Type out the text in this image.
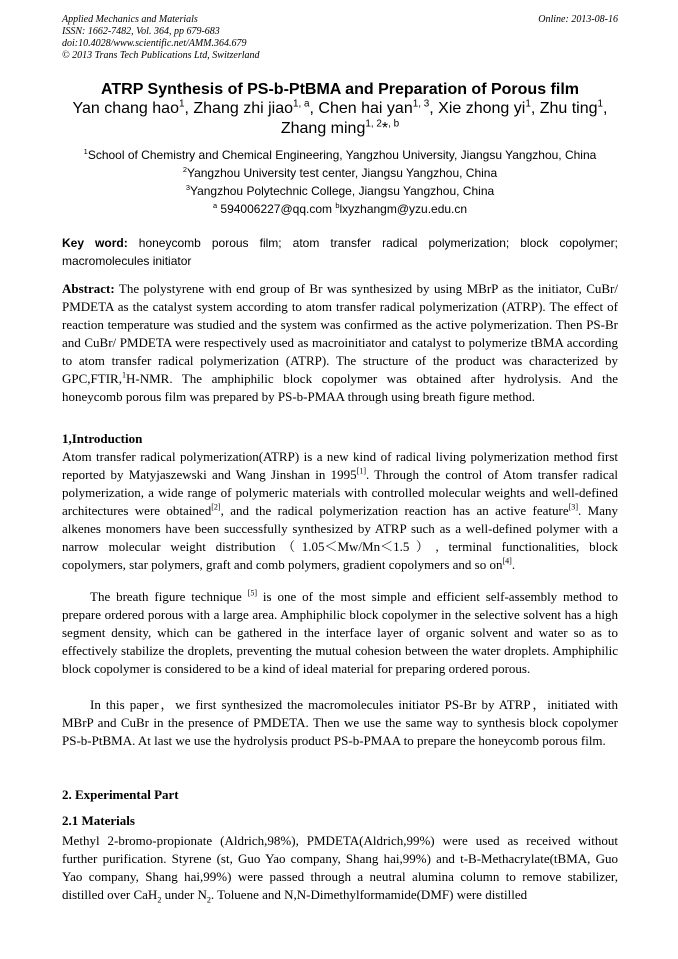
Applied Mechanics and Materials
ISSN: 1662-7482, Vol. 364, pp 679-683
doi:10.4028/www.scientific.net/AMM.364.679
© 2013 Trans Tech Publications Ltd, Switzerland
Online: 2013-08-16
ATRP Synthesis of PS-b-PtBMA and Preparation of Porous film
Yan chang hao$^1$, Zhang zhi jiao$^{1, a}$, Chen hai yan$^{1, 3}$, Xie zhong $yi^1$, Zhu ting$^1$,
Zhang ming$^{1, 2}$*$^{, b}$
$^1$School of Chemistry and Chemical Engineering, Yangzhou University, Jiangsu Yangzhou, China
$^2$Yangzhou University test center, Jiangsu Yangzhou, China
$^3$Yangzhou Polytechnic College, Jiangsu Yangzhou, China
$^a$ 594006227@qq.com $^b$lxyzhangm@yzu.edu.cn
Key word: honeycomb porous film; atom transfer radical polymerization; block copolymer; macromolecules initiator
Abstract: The polystyrene with end group of Br was synthesized by using MBrP as the initiator, CuBr/ PMDETA as the catalyst system according to atom transfer radical polymerization (ATRP). The effect of reaction temperature was studied and the system was confirmed as the active polymerization. Then PS-Br and CuBr/ PMDETA were respectively used as macroinitiator and catalyst to polymerize tBMA according to atom transfer radical polymerization (ATRP). The structure of the product was characterized by GPC,FTIR,$^1$H-NMR. The amphiphilic block copolymer was obtained after hydrolysis. And the honeycomb porous film was prepared by PS-b-PMAA through using breath figure method.
1,Introduction
Atom transfer radical polymerization(ATRP) is a new kind of radical living polymerization method first reported by Matyjaszewski and Wang Jinshan in 1995[1]. Through the control of Atom transfer radical polymerization, a wide range of polymeric materials with controlled molecular weights and well-defined architectures were obtained[2], and the radical polymerization reaction has an active feature[3]. Many alkenes monomers have been successfully synthesized by ATRP such as a well-defined polymer with a narrow molecular weight distribution（1.05＜Mw/Mn＜1.5）, terminal functionalities, block copolymers, star polymers, graft and comb polymers, gradient copolymers and so on[4].
The breath figure technique [5] is one of the most simple and efficient self-assembly method to prepare ordered porous with a large area. Amphiphilic block copolymer in the selective solvent has a high segment density, which can be gathered in the interface layer of organic solvent and water so as to effectively stabilize the droplets, preventing the mutual cohesion between the water droplets. Amphiphilic block copolymer is considered to be a kind of ideal material for preparing ordered porous.
In this paper，we first synthesized the macromolecules initiator PS-Br by ATRP，initiated with MBrP and CuBr in the presence of PMDETA. Then we use the same way to synthesis block copolymer PS-b-PtBMA. At last we use the hydrolysis product PS-b-PMAA to prepare the honeycomb porous film.
2. Experimental Part
2.1 Materials
Methyl 2-bromo-propionate (Aldrich,98%), PMDETA(Aldrich,99%) were used as received without further purification. Styrene (st, Guo Yao company, Shang hai,99%) and t-B-Methacrylate(tBMA, Guo Yao company, Shang hai,99%) were passed through a neutral alumina column to remove stabilizer, distilled over CaH$_2$ under $N_2$. Toluene and N,N-Dimethylformamide(DMF) were distilled
